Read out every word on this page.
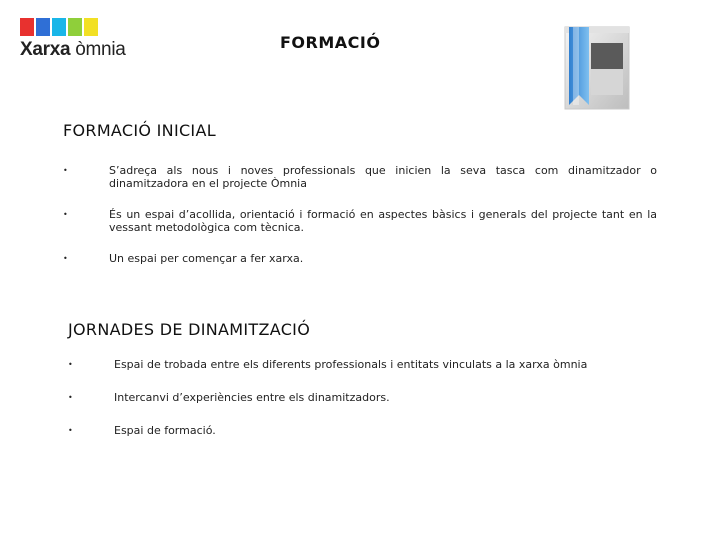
Xarxa òmnia	FORMACIÓ
FORMACIÓ INICIAL
•	S’adreça als nous i noves professionals que inicien la seva tasca com dinamitzador o dinamitzadora en el projecte Òmnia
•	És un espai d’acollida, orientació i formació en aspectes bàsics i generals del projecte tant en la vessant metodològica com tècnica.
•	Un espai per començar a fer xarxa.
JORNADES DE DINAMITZACIÓ
•	Espai de trobada entre els diferents professionals i entitats vinculats a la xarxa òmnia
•	Intercanvi d’experiències entre els dinamitzadors.
•	Espai de formació.
